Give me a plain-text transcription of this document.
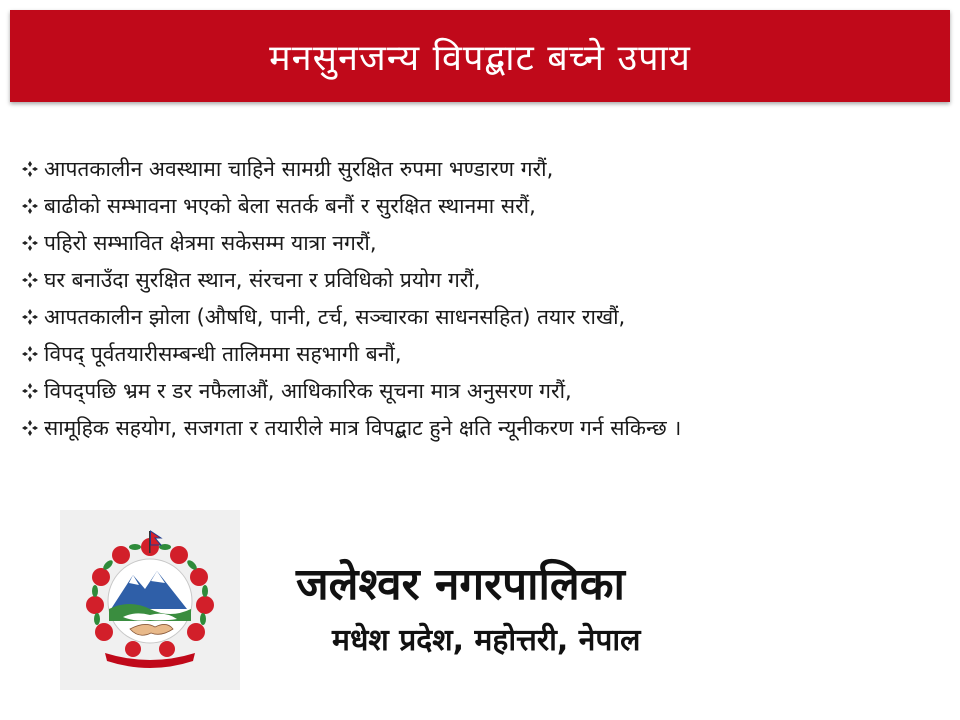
मनसुनजन्य विपद्बाट बच्ने उपाय
आपतकालीन अवस्थामा चाहिने सामग्री सुरक्षित रुपमा भण्डारण गरौं,
बाढीको सम्भावना भएको बेला सतर्क बनौं र सुरक्षित स्थानमा सरौं,
पहिरो सम्भावित क्षेत्रमा सकेसम्म यात्रा नगरौं,
घर बनाउँदा सुरक्षित स्थान, संरचना र प्रविधिको प्रयोग गरौं,
आपतकालीन झोला (औषधि, पानी, टर्च, सञ्चारका साधनसहित) तयार राखौं,
विपद् पूर्वतयारीसम्बन्धी तालिममा सहभागी बनौं,
विपद्पछि भ्रम र डर नफैलाऔं, आधिकारिक सूचना मात्र अनुसरण गरौं,
सामूहिक सहयोग, सजगता र तयारीले मात्र विपद्बाट हुने क्षति न्यूनीकरण गर्न सकिन्छ ।
जलेश्वर नगरपालिका
मधेश प्रदेश, महोत्तरी, नेपाल
